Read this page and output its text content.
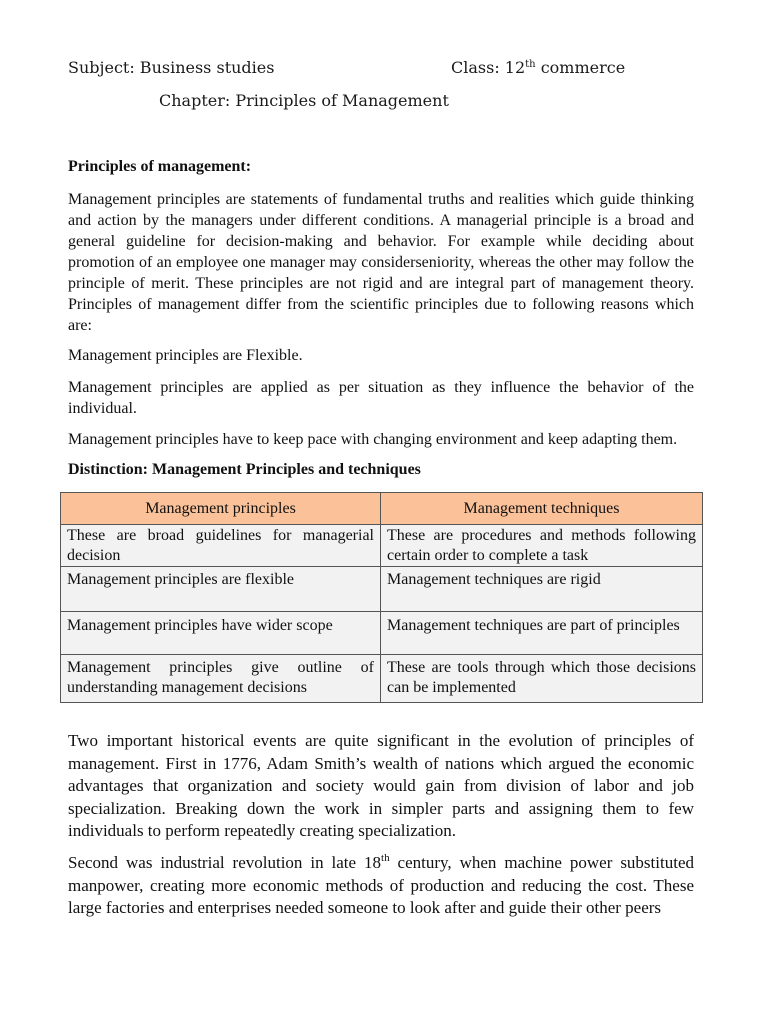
Subject: Business studies	Class: 12th commerce
Chapter: Principles of Management
Principles of management:

Management principles are statements of fundamental truths and realities which guide thinking and action by the managers under different conditions. A managerial principle is a broad and general guideline for decision-making and behavior. For example while deciding about promotion of an employee one manager may considerseniority, whereas the other may follow the principle of merit. These principles are not rigid and are integral part of management theory. Principles of management differ from the scientific principles due to following reasons which are:

Management principles are Flexible.

Management principles are applied as per situation as they influence the behavior of the individual.

Management principles have to keep pace with changing environment and keep adapting them.

Distinction: Management Principles and techniques
Management principles	Management techniques
These are broad guidelines for managerial decision	These are procedures and methods following certain order to complete a task
Management principles are flexible	Management techniques are rigid
Management principles have wider scope	Management techniques are part of principles
Management principles give outline of understanding management decisions	These are tools through which those decisions can be implemented

Two important historical events are quite significant in the evolution of principles of management. First in 1776, Adam Smith’s wealth of nations which argued the economic advantages that organization and society would gain from division of labor and job specialization. Breaking down the work in simpler parts and assigning them to few individuals to perform repeatedly creating specialization.

Second was industrial revolution in late 18th century, when machine power substituted manpower, creating more economic methods of production and reducing the cost. These large factories and enterprises needed someone to look after and guide their other peers
